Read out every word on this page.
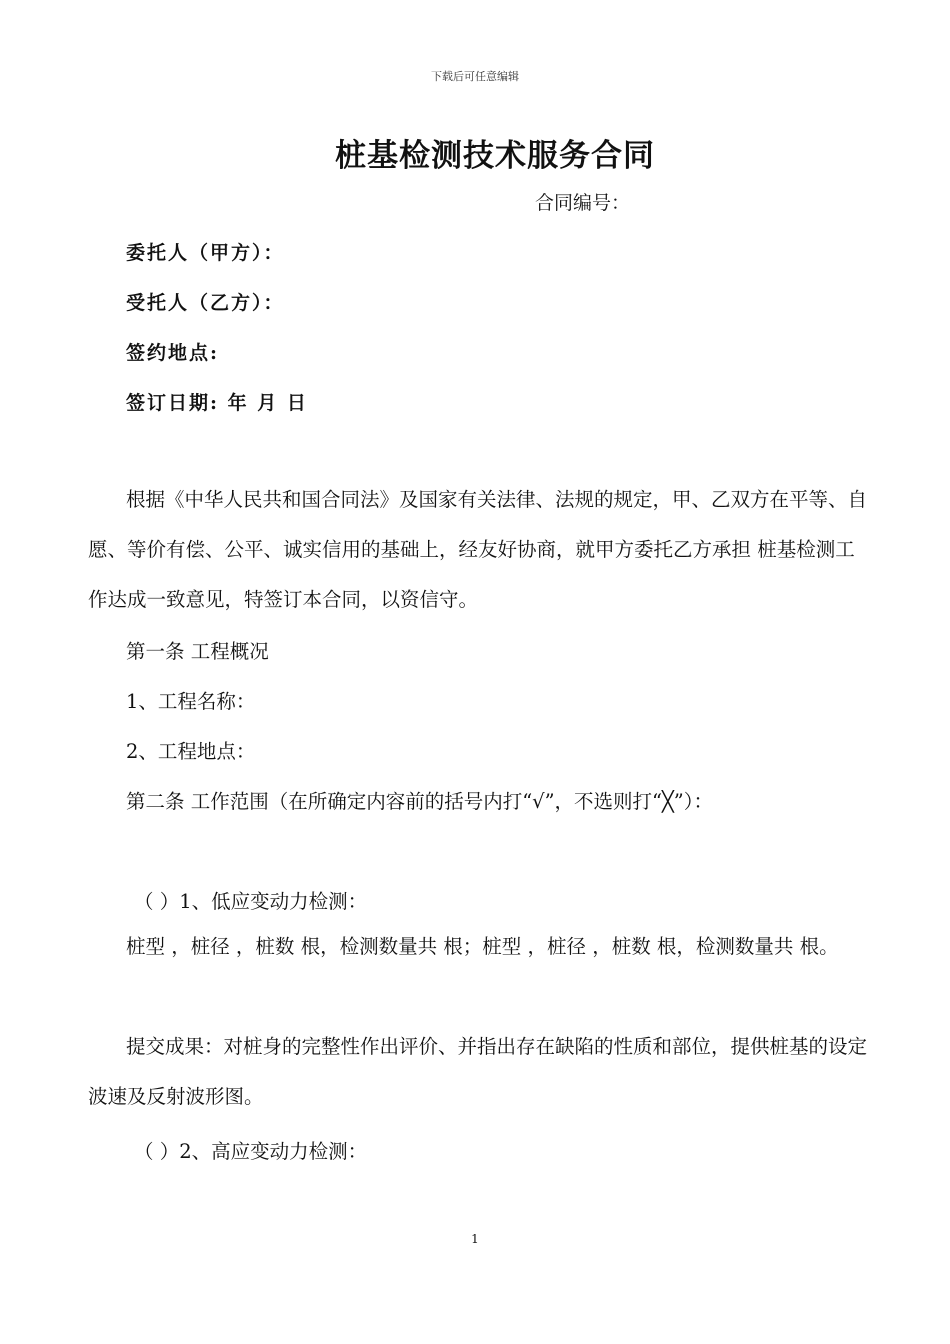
下载后可任意编辑
桩基检测技术服务合同
合同编号：
委托人（甲方）：
受托人（乙方）：
签约地点:
签订日期: 年 月 日
根据《中华人民共和国合同法》及国家有关法律、法规的规定，甲、乙双方在平等、自愿、等价有偿、公平、诚实信用的基础上，经友好协商，就甲方委托乙方承担 桩基检测工作达成一致意见，特签订本合同，以资信守。
第一条 工程概况
1、工程名称：
2、工程地点：
第二条 工作范围（在所确定内容前的括号内打“√”，不选则打“╳”）：
（ ）1、低应变动力检测：
桩型 ，桩径 ，桩数 根，检测数量共 根；桩型 ，桩径 ，桩数 根，检测数量共 根。
提交成果：对桩身的完整性作出评价、并指出存在缺陷的性质和部位，提供桩基的设定波速及反射波形图。
（ ）2、高应变动力检测：
1
